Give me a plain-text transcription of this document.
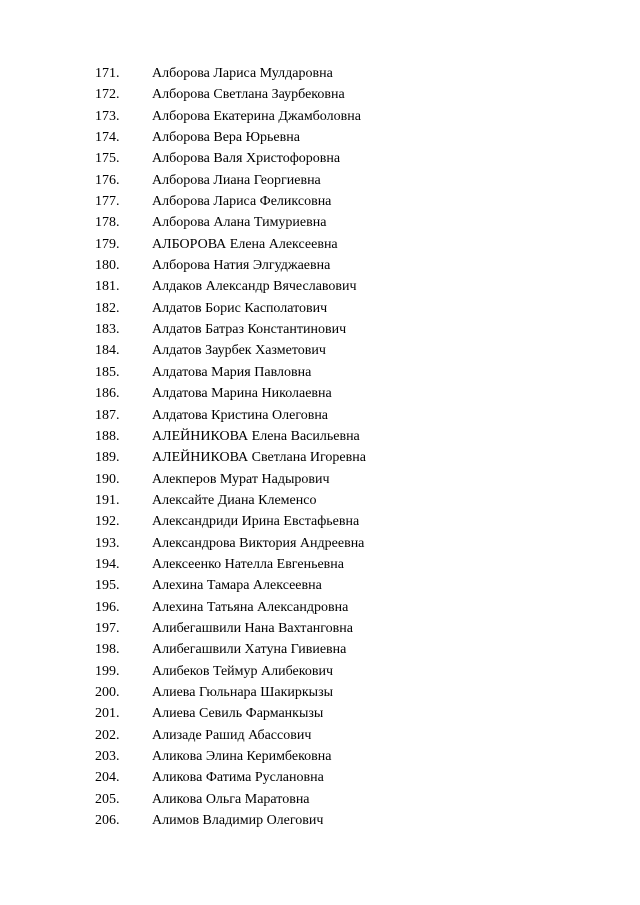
171.	Алборова Лариса Мулдаровна
172.	Алборова Светлана Заурбековна
173.	Алборова Екатерина Джамболовна
174.	Алборова Вера Юрьевна
175.	Алборова Валя Христофоровна
176.	Алборова Лиана Георгиевна
177.	Алборова Лариса Феликсовна
178.	Алборова Алана Тимуриевна
179.	АЛБОРОВА Елена Алексеевна
180.	Алборова Натия Элгуджаевна
181.	Алдаков Александр Вячеславович
182.	Алдатов Борис Касполатович
183.	Алдатов Батраз Константинович
184.	Алдатов Заурбек Хазметович
185.	Алдатова Мария Павловна
186.	Алдатова Марина Николаевна
187.	Алдатова Кристина Олеговна
188.	АЛЕЙНИКОВА Елена Васильевна
189.	АЛЕЙНИКОВА Светлана Игоревна
190.	Алекперов Мурат Надырович
191.	Алексайте Диана Клеменсо
192.	Александриди Ирина Евстафьевна
193.	Александрова Виктория Андреевна
194.	Алексеенко Нателла Евгеньевна
195.	Алехина Тамара Алексеевна
196.	Алехина Татьяна Александровна
197.	Алибегашвили Нана Вахтанговна
198.	Алибегашвили Хатуна Гивиевна
199.	Алибеков Теймур Алибекович
200.	Алиева Гюльнара Шакиркызы
201.	Алиева Севиль Фарманкызы
202.	Ализаде Рашид Абассович
203.	Аликова Элина Керимбековна
204.	Аликова Фатима Руслановна
205.	Аликова Ольга Маратовна
206.	Алимов Владимир Олегович
